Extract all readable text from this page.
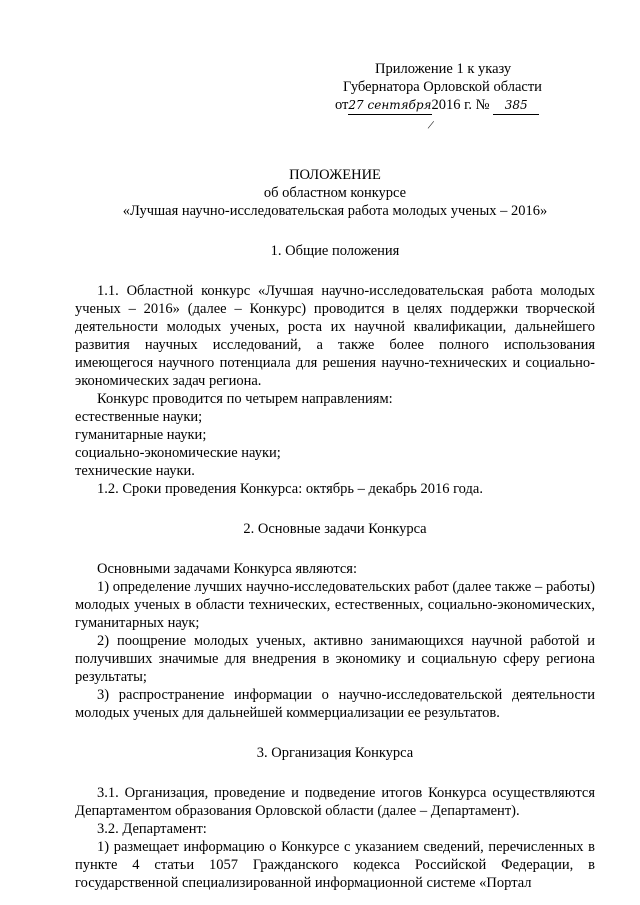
Приложение 1 к указу
Губернатора Орловской области
от27 сентября2016 г. № 385
/

ПОЛОЖЕНИЕ

об областном конкурсе

«Лучшая научно-исследовательская работа молодых ученых – 2016»

1. Общие положения

1.1. Областной конкурс «Лучшая научно-исследовательская работа молодых ученых – 2016» (далее – Конкурс) проводится в целях поддержки творческой деятельности молодых ученых, роста их научной квалификации, дальнейшего развития научных исследований, а также более полного использования имеющегося научного потенциала для решения научно-технических и социально-экономических задач региона.

Конкурс проводится по четырем направлениям:

естественные науки;

гуманитарные науки;

социально-экономические науки;

технические науки.

1.2. Сроки проведения Конкурса: октябрь – декабрь 2016 года.

2. Основные задачи Конкурса

Основными задачами Конкурса являются:

1) определение лучших научно-исследовательских работ (далее также – работы) молодых ученых в области технических, естественных, социально-экономических, гуманитарных наук;

2) поощрение молодых ученых, активно занимающихся научной работой и получивших значимые для внедрения в экономику и социальную сферу региона результаты;

3) распространение информации о научно-исследовательской деятельности молодых ученых для дальнейшей коммерциализации ее результатов.

3. Организация Конкурса

3.1. Организация, проведение и подведение итогов Конкурса осуществляются Департаментом образования Орловской области (далее – Департамент).

3.2. Департамент:

1) размещает информацию о Конкурсе с указанием сведений, перечисленных в пункте 4 статьи 1057 Гражданского кодекса Российской Федерации, в государственной специализированной информационной системе «Портал
